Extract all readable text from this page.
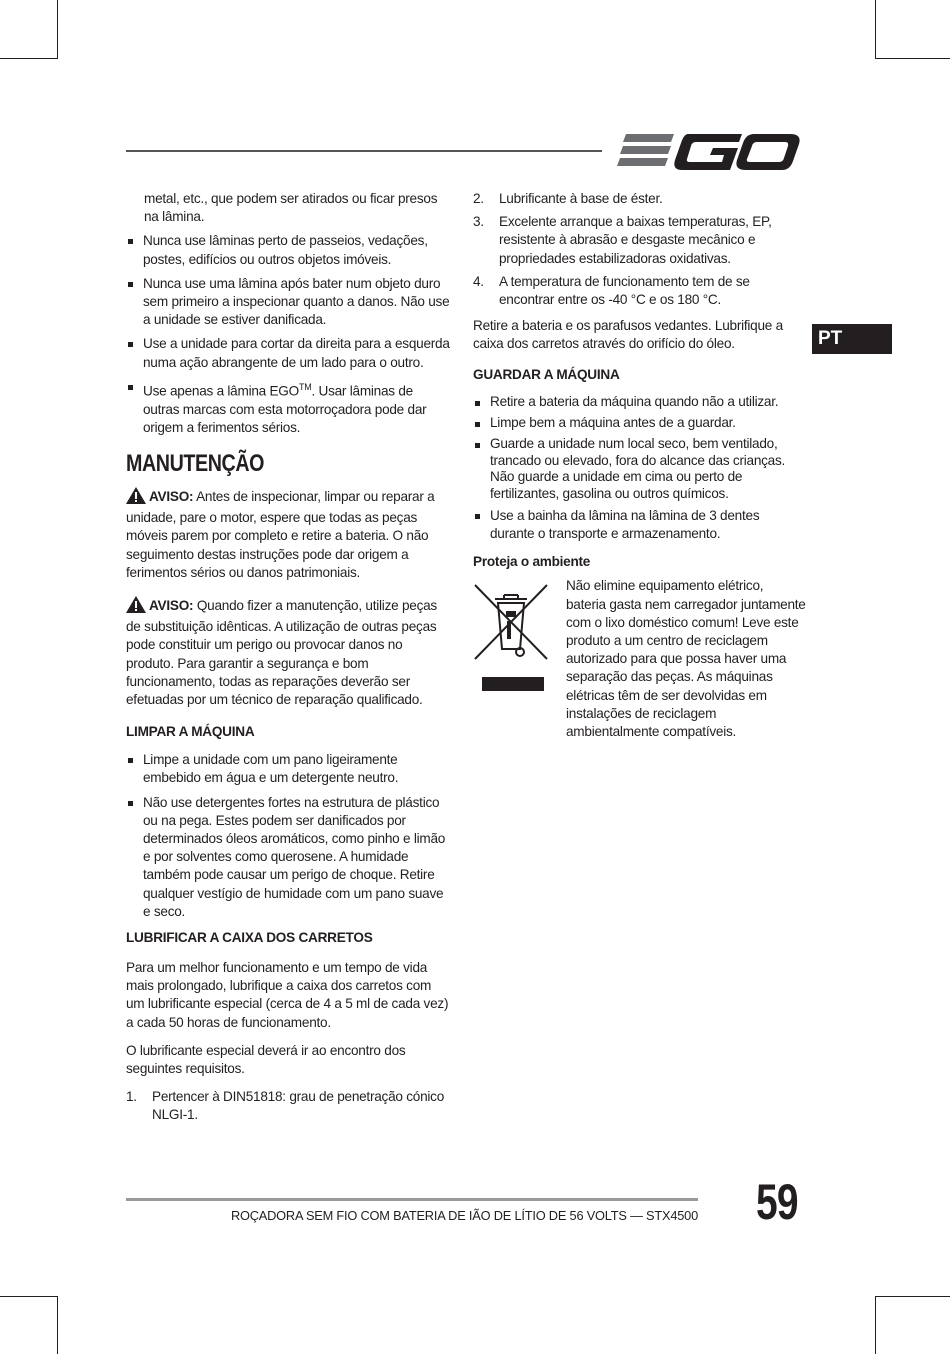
PT

metal, etc., que podem ser atirados ou ficar presos na lâmina.

Nunca use lâminas perto de passeios, vedações, postes, edifícios ou outros objetos imóveis.
Nunca use uma lâmina após bater num objeto duro sem primeiro a inspecionar quanto a danos. Não use a unidade se estiver danificada.
Use a unidade para cortar da direita para a esquerda numa ação abrangente de um lado para o outro.
Use apenas a lâmina EGO™. Usar lâminas de outras marcas com esta motorroçadora pode dar origem a ferimentos sérios.
MANUTENÇÃO

AVISO: Antes de inspecionar, limpar ou reparar a unidade, pare o motor, espere que todas as peças móveis parem por completo e retire a bateria. O não seguimento destas instruções pode dar origem a ferimentos sérios ou danos patrimoniais.

AVISO: Quando fizer a manutenção, utilize peças de substituição idênticas. A utilização de outras peças pode constituir um perigo ou provocar danos no produto. Para garantir a segurança e bom funcionamento, todas as reparações deverão ser efetuadas por um técnico de reparação qualificado.

LIMPAR A MÁQUINA
Limpe a unidade com um pano ligeiramente embebido em água e um detergente neutro.
Não use detergentes fortes na estrutura de plástico ou na pega. Estes podem ser danificados por determinados óleos aromáticos, como pinho e limão e por solventes como querosene. A humidade também pode causar um perigo de choque. Retire qualquer vestígio de humidade com um pano suave e seco.
LUBRIFICAR A CAIXA DOS CARRETOS

Para um melhor funcionamento e um tempo de vida mais prolongado, lubrifique a caixa dos carretos com um lubrificante especial (cerca de 4 a 5 ml de cada vez) a cada 50 horas de funcionamento.

O lubrificante especial deverá ir ao encontro dos seguintes requisitos.

1. Pertencer à DIN51818: grau de penetração cónico NLGI-1.
2. Lubrificante à base de éster.
3. Excelente arranque a baixas temperaturas, EP, resistente à abrasão e desgaste mecânico e propriedades estabilizadoras oxidativas.
4. A temperatura de funcionamento tem de se encontrar entre os -40 °C e os 180 °C.

Retire a bateria e os parafusos vedantes. Lubrifique a caixa dos carretos através do orifício do óleo.

GUARDAR A MÁQUINA
Retire a bateria da máquina quando não a utilizar.
Limpe bem a máquina antes de a guardar.
Guarde a unidade num local seco, bem ventilado, trancado ou elevado, fora do alcance das crianças. Não guarde a unidade em cima ou perto de fertilizantes, gasolina ou outros químicos.
Use a bainha da lâmina na lâmina de 3 dentes durante o transporte e armazenamento.
Proteja o ambiente

Não elimine equipamento elétrico, bateria gasta nem carregador juntamente com o lixo doméstico comum! Leve este produto a um centro de reciclagem autorizado para que possa haver uma separação das peças. As máquinas elétricas têm de ser devolvidas em instalações de reciclagem ambientalmente compatíveis.

ROÇADORA SEM FIO COM BATERIA DE IÃO DE LÍTIO DE 56 VOLTS — STX4500 59
